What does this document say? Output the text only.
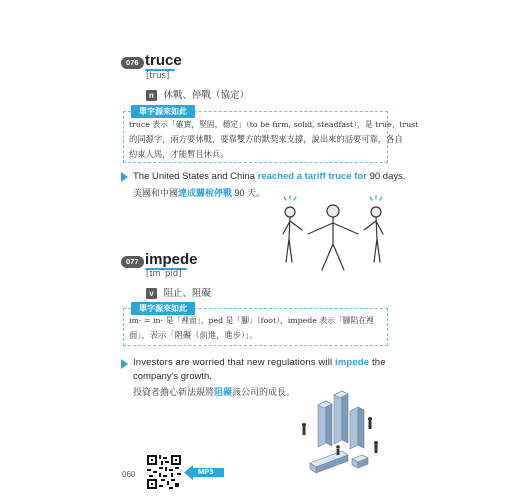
076 truce
[trus]
n 休戰、停戰（協定）
單字源來如此
truce 表示「確實，堅固，穩定」（to be firm, solid, steadfast），是 true、trust
的同源字，兩方要休戰，要靠雙方的默契來支撐，說出來的話要可靠，各自
約束人馬，才能暫且休兵。
The United States and China reached a tariff truce for 90 days.
美國和中國達成關稅停戰 90 天。
077 impede
[ɪmˋpid]
v 阻止、阻礙
單字源來如此
im- = in- 是「裡面」，ped 是「腳」（foot），impede 表示「腳陷在裡
面」，表示「阻礙（前進，進步）」。
Investors are worried that new regulations will impede the
company's growth.
投資者擔心新法規將阻礙該公司的成長。
060	MP3
